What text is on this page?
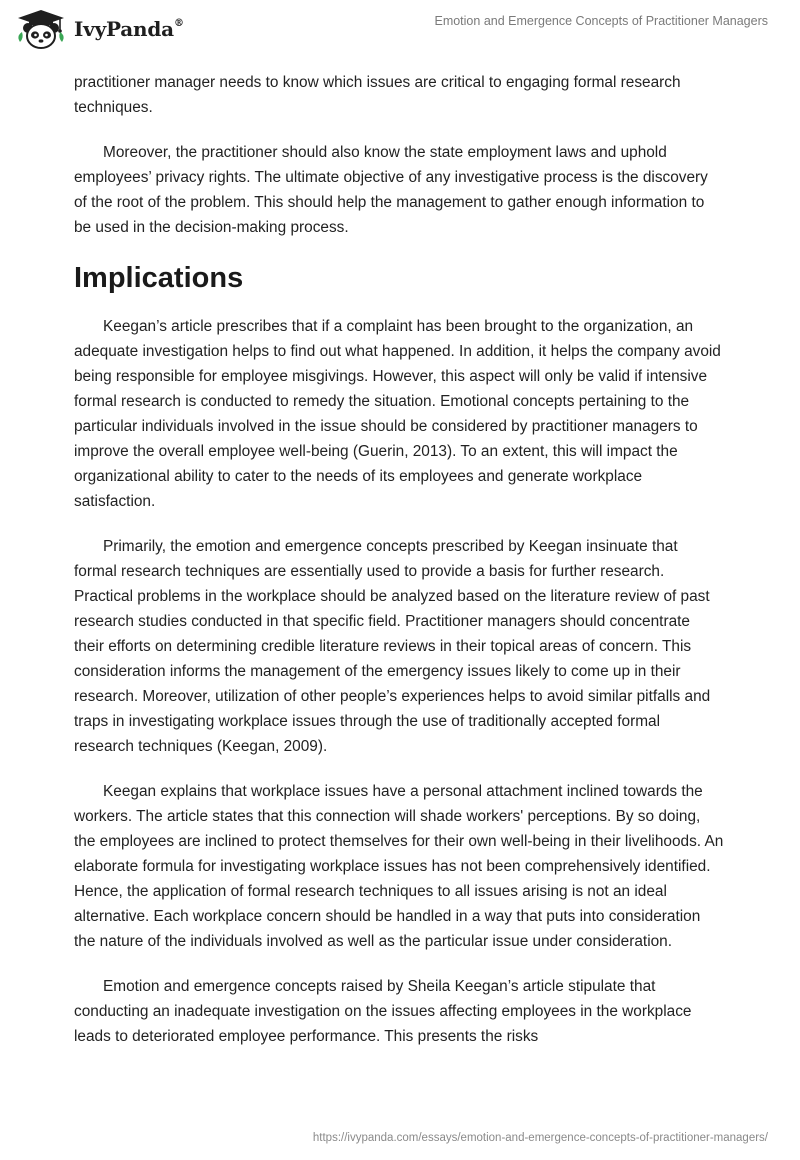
IvyPanda®	Emotion and Emergence Concepts of Practitioner Managers

practitioner manager needs to know which issues are critical to engaging formal research techniques.

Moreover, the practitioner should also know the state employment laws and uphold employees’ privacy rights. The ultimate objective of any investigative process is the discovery of the root of the problem. This should help the management to gather enough information to be used in the decision-making process.

Implications

Keegan’s article prescribes that if a complaint has been brought to the organization, an adequate investigation helps to find out what happened. In addition, it helps the company avoid being responsible for employee misgivings. However, this aspect will only be valid if intensive formal research is conducted to remedy the situation. Emotional concepts pertaining to the particular individuals involved in the issue should be considered by practitioner managers to improve the overall employee well-being (Guerin, 2013). To an extent, this will impact the organizational ability to cater to the needs of its employees and generate workplace satisfaction.

Primarily, the emotion and emergence concepts prescribed by Keegan insinuate that formal research techniques are essentially used to provide a basis for further research. Practical problems in the workplace should be analyzed based on the literature review of past research studies conducted in that specific field. Practitioner managers should concentrate their efforts on determining credible literature reviews in their topical areas of concern. This consideration informs the management of the emergency issues likely to come up in their research. Moreover, utilization of other people’s experiences helps to avoid similar pitfalls and traps in investigating workplace issues through the use of traditionally accepted formal research techniques (Keegan, 2009).

Keegan explains that workplace issues have a personal attachment inclined towards the workers. The article states that this connection will shade workers' perceptions. By so doing, the employees are inclined to protect themselves for their own well-being in their livelihoods. An elaborate formula for investigating workplace issues has not been comprehensively identified. Hence, the application of formal research techniques to all issues arising is not an ideal alternative. Each workplace concern should be handled in a way that puts into consideration the nature of the individuals involved as well as the particular issue under consideration.

Emotion and emergence concepts raised by Sheila Keegan’s article stipulate that conducting an inadequate investigation on the issues affecting employees in the workplace leads to deteriorated employee performance. This presents the risks

https://ivypanda.com/essays/emotion-and-emergence-concepts-of-practitioner-managers/
